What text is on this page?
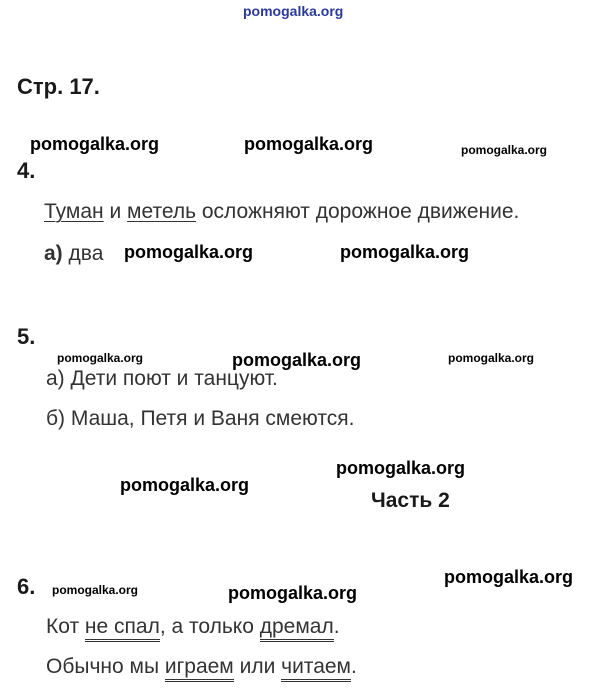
pomogalka.org
Стр. 17.
pomogalka.org	pomogalka.org	pomogalka.org
4.
Туман и метель осложняют дорожное движение.
а) два pomogalka.org	pomogalka.org
5.
pomogalka.org	pomogalka.org	pomogalka.org
а) Дети поют и танцуют.
б) Маша, Петя и Ваня смеются.
pomogalka.org
pomogalka.org
Часть 2
6. pomogalka.org	pomogalka.org
pomogalka.org
Кот не спал, а только дремал.
Обычно мы играем или читаем.
